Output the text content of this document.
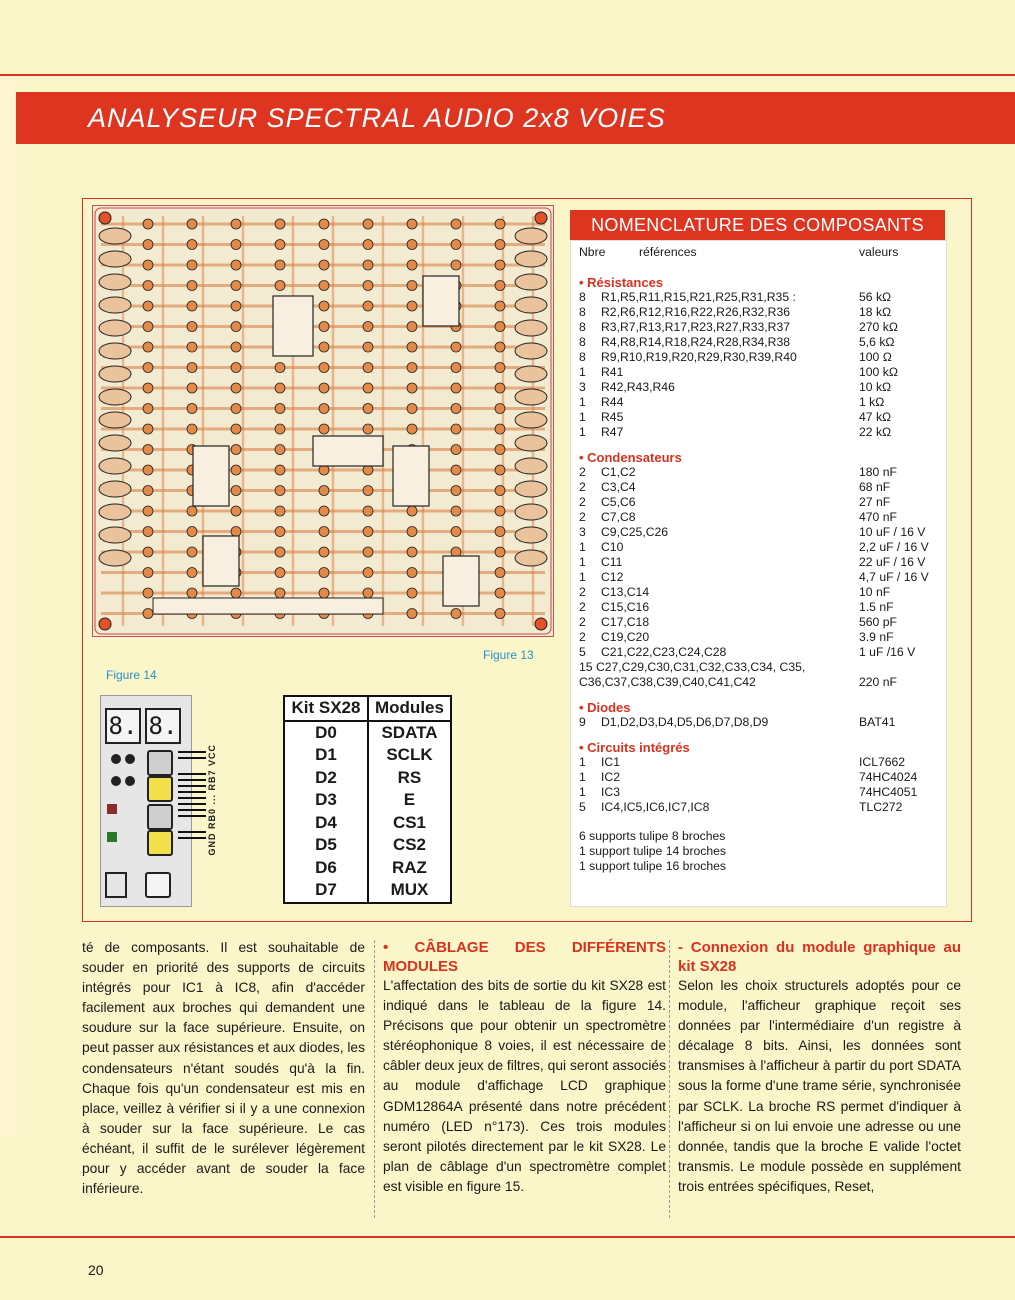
ANALYSEUR SPECTRAL AUDIO 2x8 VOIES
Figure 13
Figure 14
8. 8.
GND RB0 ... RB7 VCC
Kit SX28	Modules
D0	SDATA
D1	SCLK
D2	RS
D3	E
D4	CS1
D5	CS2
D6	RAZ
D7	MUX
NOMENCLATURE DES COMPOSANTS
Nbre	références	valeurs
• Résistances
8 R1,R5,R11,R15,R21,R25,R31,R35 :	56 kΩ
8 R2,R6,R12,R16,R22,R26,R32,R36	18 kΩ
8 R3,R7,R13,R17,R23,R27,R33,R37	270 kΩ
8 R4,R8,R14,R18,R24,R28,R34,R38	5,6 kΩ
8 R9,R10,R19,R20,R29,R30,R39,R40	100 Ω
1 R41	100 kΩ
3 R42,R43,R46	10 kΩ
1 R44	1 kΩ
1 R45	47 kΩ
1 R47	22 kΩ
• Condensateurs
2 C1,C2	180 nF
2 C3,C4	68 nF
2 C5,C6	27 nF
2 C7,C8	470 nF
3 C9,C25,C26	10 uF / 16 V
1 C10	2,2 uF / 16 V
1 C11	22 uF / 16 V
1 C12	4,7 uF / 16 V
2 C13,C14	10 nF
2 C15,C16	1.5 nF
2 C17,C18	560 pF
2 C19,C20	3.9 nF
5 C21,C22,C23,C24,C28	1 uF /16 V
15 C27,C29,C30,C31,C32,C33,C34, C35,
C36,C37,C38,C39,C40,C41,C42	220 nF
• Diodes
9 D1,D2,D3,D4,D5,D6,D7,D8,D9	BAT41
• Circuits intégrés
1 IC1	ICL7662
1 IC2	74HC4024
1 IC3	74HC4051
5 IC4,IC5,IC6,IC7,IC8	TLC272
6 supports tulipe 8 broches
1 support tulipe 14 broches
1 support tulipe 16 broches
té de composants. Il est souhaitable de souder en priorité des supports de circuits intégrés pour IC1 à IC8, afin d'accéder facilement aux broches qui demandent une soudure sur la face supérieure. Ensuite, on peut passer aux résistances et aux diodes, les condensateurs n'étant soudés qu'à la fin. Chaque fois qu'un condensateur est mis en place, veillez à vérifier si il y a une connexion à souder sur la face supérieure. Le cas échéant, il suffit de le surélever légèrement pour y accéder avant de souder la face inférieure.
• CÂBLAGE DES DIFFÉRENTS MODULES
L'affectation des bits de sortie du kit SX28 est indiqué dans le tableau de la figure 14. Précisons que pour obtenir un spectromètre stéréophonique 8 voies, il est nécessaire de câbler deux jeux de filtres, qui seront associés au module d'affichage LCD graphique GDM12864A présenté dans notre précédent numéro (LED n°173). Ces trois modules seront pilotés directement par le kit SX28. Le plan de câblage d'un spectromètre complet est visible en figure 15.
- Connexion du module graphique au kit SX28
Selon les choix structurels adoptés pour ce module, l'afficheur graphique reçoit ses données par l'intermédiaire d'un registre à décalage 8 bits. Ainsi, les données sont transmises à l'afficheur à partir du port SDATA sous la forme d'une trame série, synchronisée par SCLK. La broche RS permet d'indiquer à l'afficheur si on lui envoie une adresse ou une donnée, tandis que la broche E valide l'octet transmis. Le module possède en supplément trois entrées spécifiques, Reset,
20
